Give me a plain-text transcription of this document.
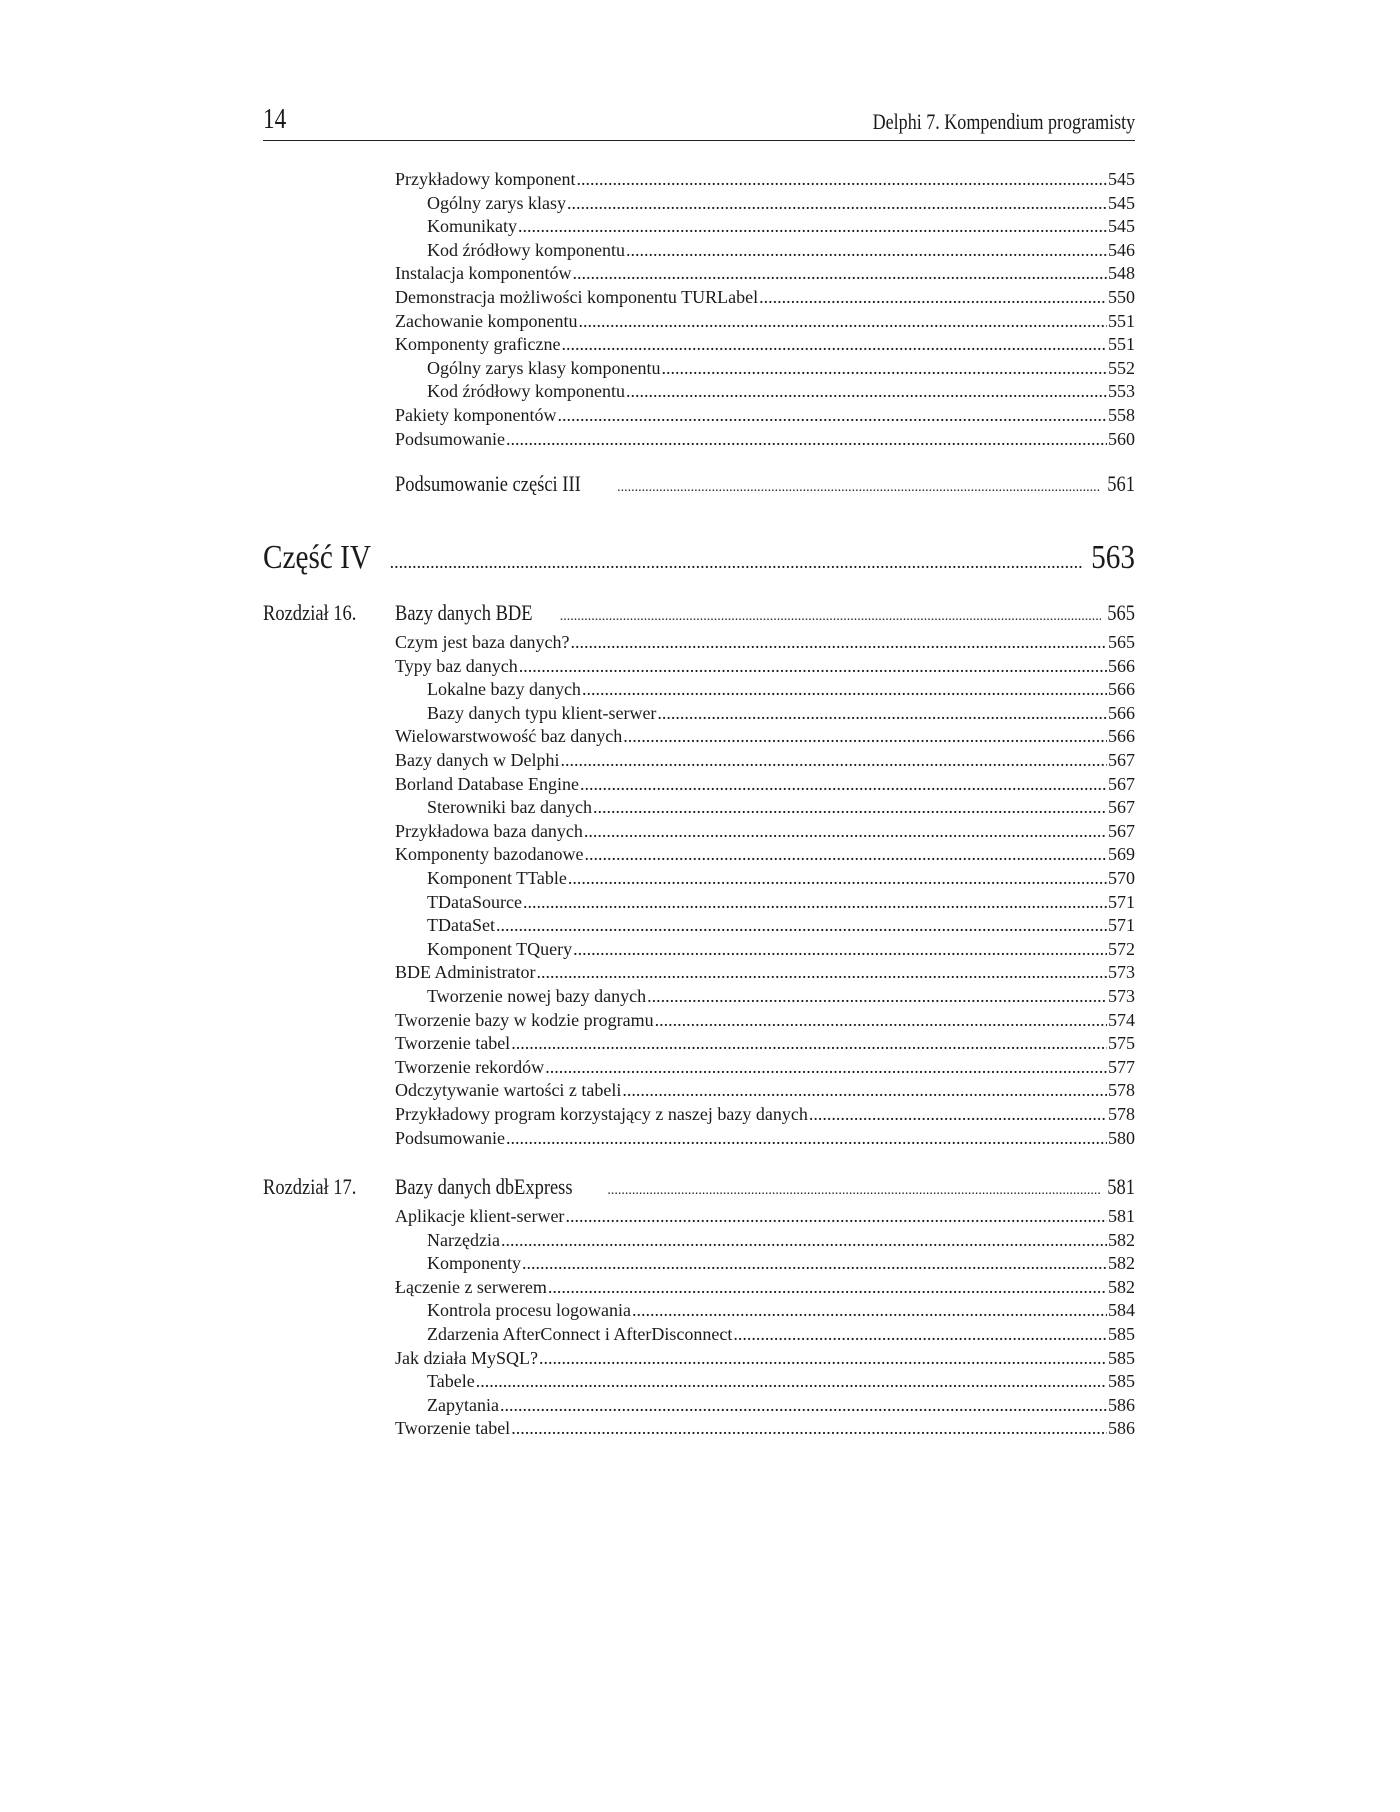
14	Delphi 7. Kompendium programisty
Przykładowy komponent .....	545
Ogólny zarys klasy .....	545
Komunikaty .....	545
Kod źródłowy komponentu .....	546
Instalacja komponentów .....	548
Demonstracja możliwości komponentu TURLabel .....	550
Zachowanie komponentu .....	551
Komponenty graficzne .....	551
Ogólny zarys klasy komponentu .....	552
Kod źródłowy komponentu .....	553
Pakiety komponentów .....	558
Podsumowanie .....	560
Podsumowanie części III .....	561
Część IV .....	563
Rozdział 16. Bazy danych BDE .....	565
Czym jest baza danych? .....	565
Typy baz danych .....	566
Lokalne bazy danych .....	566
Bazy danych typu klient-serwer .....	566
Wielowarstwowość baz danych .....	566
Bazy danych w Delphi .....	567
Borland Database Engine .....	567
Sterowniki baz danych .....	567
Przykładowa baza danych .....	567
Komponenty bazodanowe .....	569
Komponent TTable .....	570
TDataSource .....	571
TDataSet .....	571
Komponent TQuery .....	572
BDE Administrator .....	573
Tworzenie nowej bazy danych .....	573
Tworzenie bazy w kodzie programu .....	574
Tworzenie tabel .....	575
Tworzenie rekordów .....	577
Odczytywanie wartości z tabeli .....	578
Przykładowy program korzystający z naszej bazy danych .....	578
Podsumowanie .....	580
Rozdział 17. Bazy danych dbExpress .....	581
Aplikacje klient-serwer .....	581
Narzędzia .....	582
Komponenty .....	582
Łączenie z serwerem .....	582
Kontrola procesu logowania .....	584
Zdarzenia AfterConnect i AfterDisconnect .....	585
Jak działa MySQL? .....	585
Tabele .....	585
Zapytania .....	586
Tworzenie tabel .....	586
